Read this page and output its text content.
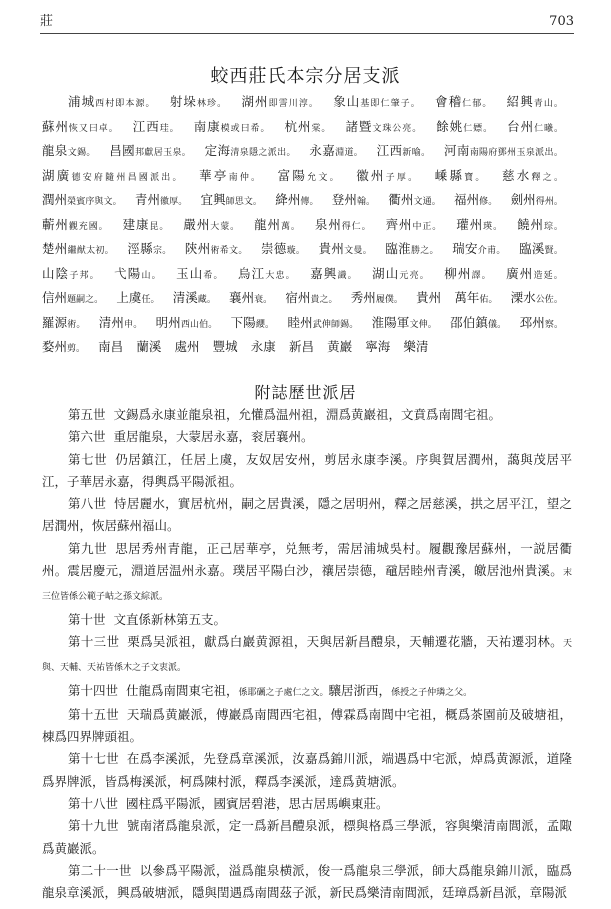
莊	703
蛟西莊氏本宗分居支派

浦城西村即本源。 射垛林珍。 湖州即霅川淳。 象山基即仁肇子。 會稽仁郁。 紹興青山。 蘇州恢又曰卓。 江西珪。 南康模或曰希。 杭州棠。 諸暨文珠公亮。 餘姚仁嫖。 台州仁曦。 龍泉文錫。 昌國邦獻居玉泉。 定海清泉隱之派出。 永嘉淵道。 江西新喻。 河南南陽府鄧州玉泉派出。 湖廣德安府隨州昌國派出。 華亭南仲。 富陽允文。 徽州子厚。 嵊縣寶。 慈水釋之。 潤州榮賓序與文。 青州徽厚。 宜興師思文。 絳州傳。 登州翰。 衢州文通。 福州修。 劍州得州。 蘄州觀充國。 建康昆。 嚴州大蒙。 龍州萬。 泉州得仁。 齊州中正。 瓘州瑛。 饒州琮。 楚州繼猷太初。 涇縣宗。 陝州術希文。 崇德璇。 貴州文曼。 臨淮勝之。 瑞安介甫。 臨溪賢。 山陰子邦。 弋陽山。 玉山希。 烏江大忠。 嘉興識。 湖山元亮。 柳州譯。 廣州造延。 信州題嗣之。 上虞任。 清溪藏。 襄州衰。 宿州貴之。 秀州履僕。 貴州 萬年佑。 溧水公佐。 羅源術。 清州申。 明州西山伯。 下陽纓。 睦州武伸師錫。 淮陽軍文伸。 邵伯鎮儀。 邳州察。 婺州剪。 南昌 蘭溪 處州 豐城 永康 新昌 黄巖 寧海 樂清

附誌歷世派居

第五世 文錫爲永康並龍泉祖，允懽爲温州祖，淵爲黄巖祖，文賁爲南閭宅祖。

第六世 重居龍泉，大蒙居永嘉，衮居襄州。

第七世 仍居鎮江，任居上虞，友奴居安州，剪居永康李溪。序與賀居潤州，藹與茂居平江，子華居永嘉，得輿爲平陽派祖。

第八世 恃居麗水，實居杭州，嗣之居貴溪，隱之居明州，釋之居慈溪，拱之居平江，望之居潤州，恢居蘇州福山。

第九世 思居秀州青龍，正己居華亭，兑無考，需居浦城吳村。履觀豫居蘇州，一説居衢州。震居慶元，淵道居温州永嘉。璞居平陽白沙，禳居崇德，黿居睦州青溪，皦居池州貴溪。末三位皆係公範子岵之孫文綜派。

第十世 文直係新林第五支。

第十三世 栗爲吴派祖，獻爲白巖黄源祖，天與居新昌醴泉，天輔遷花牆，天祐遷羽林。天與、天輔、天祐皆係木之子文衷派。

第十四世 仕龍爲南閭東宅祖，係耶礪之子處仁之文。驤居浙西，係授之子仲璘之父。

第十五世 天瑞爲黄巖派，傅巖爲南閭西宅祖，傅霖爲南閭中宅祖，概爲茶園前及破塘祖，棟爲四界牌頭祖。

第十七世 在爲李溪派，先登爲章溪派，汝嘉爲錦川派，端遇爲中宅派，焯爲黄源派，道隆爲界牌派，皆爲梅溪派，柯爲陳村派，釋爲李溪派，達爲黄塘派。

第十八世 國柱爲平陽派，國賓居碧港，思古居馬嶼東莊。

第十九世 號南渚爲龍泉派，定一爲新昌醴泉派，標與格爲三學派，容與樂清南閭派，孟陬爲黄巖派。

第二十一世 以參爲平陽派，溢爲龍泉横派，俊一爲龍泉三學派，師大爲龍泉錦川派，臨爲龍泉章溪派，興爲破塘派，隱與閏遇爲南閭茲子派，新民爲樂清南閭派，廷璋爲新昌派，章陽派
